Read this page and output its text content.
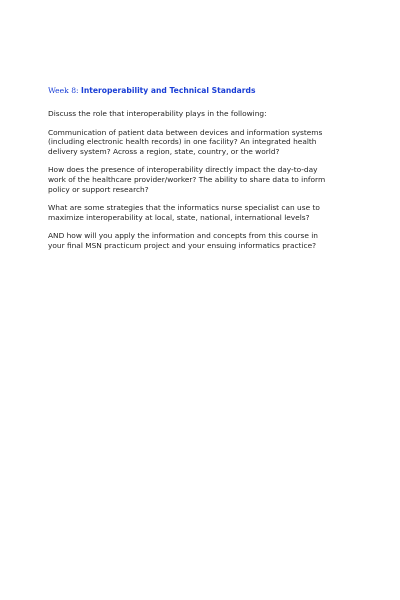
Week 8: Interoperability and Technical Standards

Discuss the role that interoperability plays in the following:

Communication of patient data between devices and information systems
(including electronic health records) in one facility? An integrated health
delivery system? Across a region, state, country, or the world?

How does the presence of interoperability directly impact the day-to-day
work of the healthcare provider/worker? The ability to share data to inform
policy or support research?

What are some strategies that the informatics nurse specialist can use to
maximize interoperability at local, state, national, international levels?

AND how will you apply the information and concepts from this course in
your final MSN practicum project and your ensuing informatics practice?
